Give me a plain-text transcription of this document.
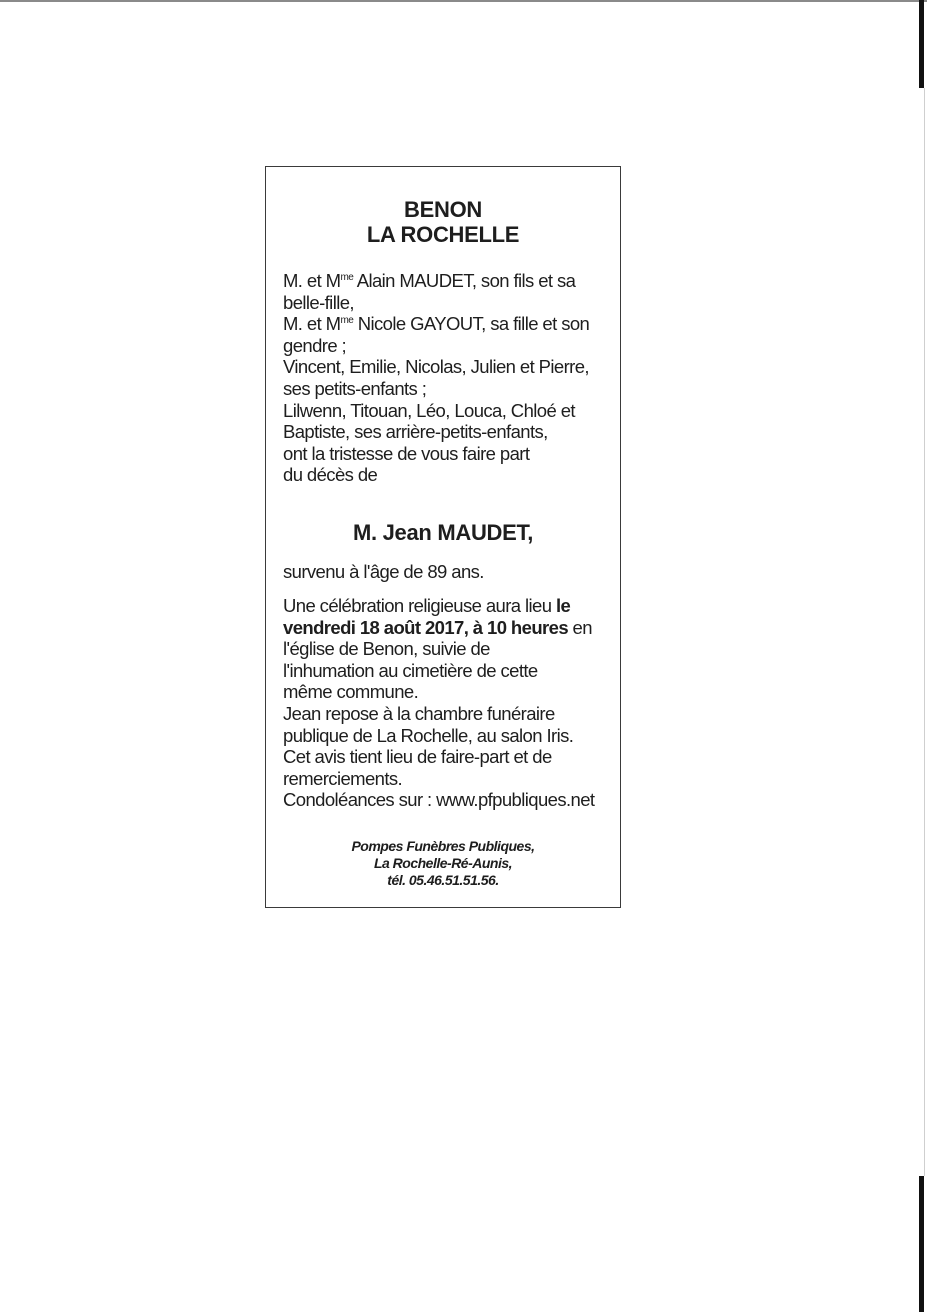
BENON
LA ROCHELLE
M. et $M^{me}$ Alain MAUDET, son fils et sa
belle-fille,
M. et $M^{me}$ Nicole GAYOUT, sa fille et son
gendre ;
Vincent, Emilie, Nicolas, Julien et Pierre,
ses petits-enfants ;
Lilwenn, Titouan, Léo, Louca, Chloé et
Baptiste, ses arrière-petits-enfants,
ont la tristesse de vous faire part
du décès de
M. Jean MAUDET,
survenu à l'âge de 89 ans.
Une célébration religieuse aura lieu le
vendredi 18 août 2017, à 10 heures en
l'église de Benon, suivie de
l'inhumation au cimetière de cette
même commune.
Jean repose à la chambre funéraire
publique de La Rochelle, au salon Iris.
Cet avis tient lieu de faire-part et de
remerciements.
Condoléances sur : www.pfpubliques.net
Pompes Funèbres Publiques,
La Rochelle-Ré-Aunis,
tél. 05.46.51.51.56.
